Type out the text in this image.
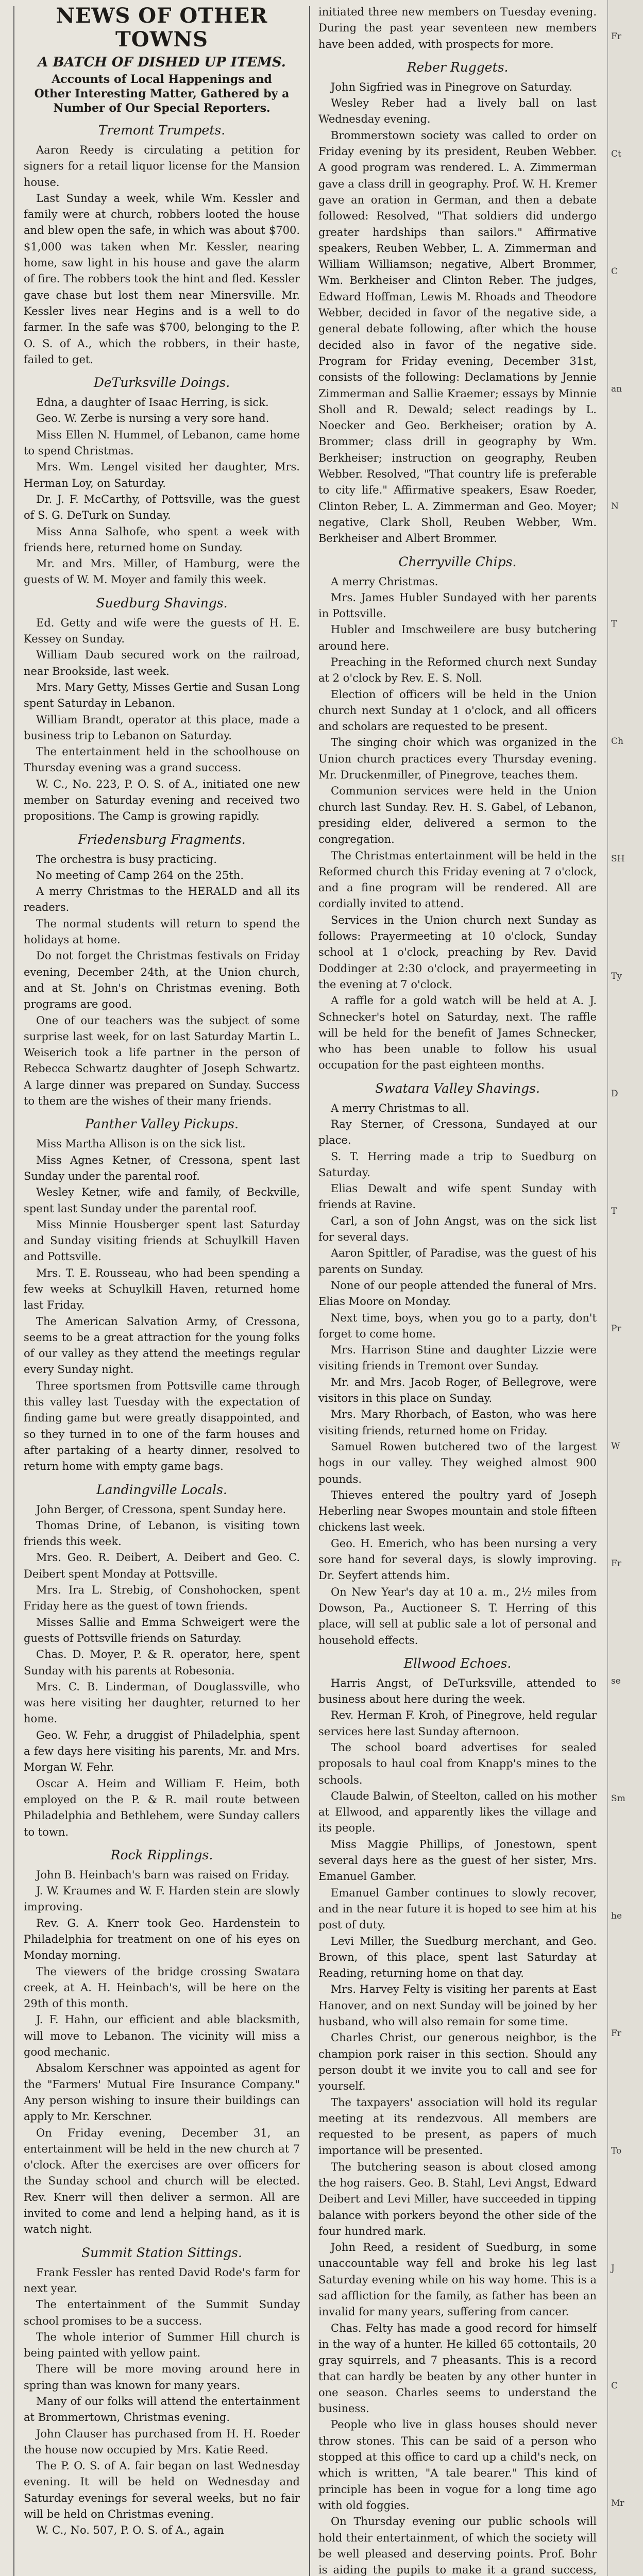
NEWS OF OTHER TOWNS
A BATCH OF DISHED UP ITEMS.
Accounts of Local Happenings and Other Interesting Matter, Gathered by a Number of Our Special Reporters.
Tremont Trumpets.

Aaron Reedy is circulating a petition for signers for a retail liquor license for the Mansion house.

Last Sunday a week, while Wm. Kessler and family were at church, robbers looted the house and blew open the safe, in which was about $700. $1,000 was taken when Mr. Kessler, nearing home, saw light in his house and gave the alarm of fire. The robbers took the hint and fled. Kessler gave chase but lost them near Minersville. Mr. Kessler lives near Hegins and is a well to do farmer. In the safe was $700, belonging to the P. O. S. of A., which the robbers, in their haste, failed to get.

DeTurksville Doings.

Edna, a daughter of Isaac Herring, is sick.

Geo. W. Zerbe is nursing a very sore hand.

Miss Ellen N. Hummel, of Lebanon, came home to spend Christmas.

Mrs. Wm. Lengel visited her daughter, Mrs. Herman Loy, on Saturday.

Dr. J. F. McCarthy, of Pottsville, was the guest of S. G. DeTurk on Sunday.

Miss Anna Salhofe, who spent a week with friends here, returned home on Sunday.

Mr. and Mrs. Miller, of Hamburg, were the guests of W. M. Moyer and family this week.

Suedburg Shavings.

Ed. Getty and wife were the guests of H. E. Kessey on Sunday.

William Daub secured work on the railroad, near Brookside, last week.

Mrs. Mary Getty, Misses Gertie and Susan Long spent Saturday in Lebanon.

William Brandt, operator at this place, made a business trip to Lebanon on Saturday.

The entertainment held in the schoolhouse on Thursday evening was a grand success.

W. C., No. 223, P. O. S. of A., initiated one new member on Saturday evening and received two propositions. The Camp is growing rapidly.

Friedensburg Fragments.

The orchestra is busy practicing.

No meeting of Camp 264 on the 25th.

A merry Christmas to the HERALD and all its readers.

The normal students will return to spend the holidays at home.

Do not forget the Christmas festivals on Friday evening, December 24th, at the Union church, and at St. John's on Christmas evening. Both programs are good.

One of our teachers was the subject of some surprise last week, for on last Saturday Martin L. Weiserich took a life partner in the person of Rebecca Schwartz daughter of Joseph Schwartz. A large dinner was prepared on Sunday. Success to them are the wishes of their many friends.

Panther Valley Pickups.

Miss Martha Allison is on the sick list.

Miss Agnes Ketner, of Cressona, spent last Sunday under the parental roof.

Wesley Ketner, wife and family, of Beckville, spent last Sunday under the parental roof.

Miss Minnie Housberger spent last Saturday and Sunday visiting friends at Schuylkill Haven and Pottsville.

Mrs. T. E. Rousseau, who had been spending a few weeks at Schuylkill Haven, returned home last Friday.

The American Salvation Army, of Cressona, seems to be a great attraction for the young folks of our valley as they attend the meetings regular every Sunday night.

Three sportsmen from Pottsville came through this valley last Tuesday with the expectation of finding game but were greatly disappointed, and so they turned in to one of the farm houses and after partaking of a hearty dinner, resolved to return home with empty game bags.

Landingville Locals.

John Berger, of Cressona, spent Sunday here.

Thomas Drine, of Lebanon, is visiting town friends this week.

Mrs. Geo. R. Deibert, A. Deibert and Geo. C. Deibert spent Monday at Pottsville.

Mrs. Ira L. Strebig, of Conshohocken, spent Friday here as the guest of town friends.

Misses Sallie and Emma Schweigert were the guests of Pottsville friends on Saturday.

Chas. D. Moyer, P. & R. operator, here, spent Sunday with his parents at Robesonia.

Mrs. C. B. Linderman, of Douglassville, who was here visiting her daughter, returned to her home.

Geo. W. Fehr, a druggist of Philadelphia, spent a few days here visiting his parents, Mr. and Mrs. Morgan W. Fehr.

Oscar A. Heim and William F. Heim, both employed on the P. & R. mail route between Philadelphia and Bethlehem, were Sunday callers to town.

Rock Ripplings.

John B. Heinbach's barn was raised on Friday.

J. W. Kraumes and W. F. Harden stein are slowly improving.

Rev. G. A. Knerr took Geo. Hardenstein to Philadelphia for treatment on one of his eyes on Monday morning.

The viewers of the bridge crossing Swatara creek, at A. H. Heinbach's, will be here on the 29th of this month.

J. F. Hahn, our efficient and able blacksmith, will move to Lebanon. The vicinity will miss a good mechanic.

Absalom Kerschner was appointed as agent for the "Farmers' Mutual Fire Insurance Company." Any person wishing to insure their buildings can apply to Mr. Kerschner.

On Friday evening, December 31, an entertainment will be held in the new church at 7 o'clock. After the exercises are over officers for the Sunday school and church will be elected. Rev. Knerr will then deliver a sermon. All are invited to come and lend a helping hand, as it is watch night.

Summit Station Sittings.

Frank Fessler has rented David Rode's farm for next year.

The entertainment of the Summit Sunday school promises to be a success.

The whole interior of Summer Hill church is being painted with yellow paint.

There will be more moving around here in spring than was known for many years.

Many of our folks will attend the entertainment at Brommertown, Christmas evening.

John Clauser has purchased from H. H. Roeder the house now occupied by Mrs. Katie Reed.

The P. O. S. of A. fair began on last Wednesday evening. It will be held on Wednesday and Saturday evenings for several weeks, but no fair will be held on Christmas evening.

W. C., No. 507, P. O. S. of A., again

initiated three new members on Tuesday evening. During the past year seventeen new members have been added, with prospects for more.

Reber Ruggets.

John Sigfried was in Pinegrove on Saturday.

Wesley Reber had a lively ball on last Wednesday evening.

Brommerstown society was called to order on Friday evening by its president, Reuben Webber. A good program was rendered. L. A. Zimmerman gave a class drill in geography. Prof. W. H. Kremer gave an oration in German, and then a debate followed: Resolved, "That soldiers did undergo greater hardships than sailors." Affirmative speakers, Reuben Webber, L. A. Zimmerman and William Williamson; negative, Albert Brommer, Wm. Berkheiser and Clinton Reber. The judges, Edward Hoffman, Lewis M. Rhoads and Theodore Webber, decided in favor of the negative side, a general debate following, after which the house decided also in favor of the negative side. Program for Friday evening, December 31st, consists of the following: Declamations by Jennie Zimmerman and Sallie Kraemer; essays by Minnie Sholl and R. Dewald; select readings by L. Noecker and Geo. Berkheiser; oration by A. Brommer; class drill in geography by Wm. Berkheiser; instruction on geography, Reuben Webber. Resolved, "That country life is preferable to city life." Affirmative speakers, Esaw Roeder, Clinton Reber, L. A. Zimmerman and Geo. Moyer; negative, Clark Sholl, Reuben Webber, Wm. Berkheiser and Albert Brommer.

Cherryville Chips.

A merry Christmas.

Mrs. James Hubler Sundayed with her parents in Pottsville.

Hubler and Imschweilere are busy butchering around here.

Preaching in the Reformed church next Sunday at 2 o'clock by Rev. E. S. Noll.

Election of officers will be held in the Union church next Sunday at 1 o'clock, and all officers and scholars are requested to be present.

The singing choir which was organized in the Union church practices every Thursday evening. Mr. Druckenmiller, of Pinegrove, teaches them.

Communion services were held in the Union church last Sunday. Rev. H. S. Gabel, of Lebanon, presiding elder, delivered a sermon to the congregation.

The Christmas entertainment will be held in the Reformed church this Friday evening at 7 o'clock, and a fine program will be rendered. All are cordially invited to attend.

Services in the Union church next Sunday as follows: Prayermeeting at 10 o'clock, Sunday school at 1 o'clock, preaching by Rev. David Doddinger at 2:30 o'clock, and prayermeeting in the evening at 7 o'clock.

A raffle for a gold watch will be held at A. J. Schnecker's hotel on Saturday, next. The raffle will be held for the benefit of James Schnecker, who has been unable to follow his usual occupation for the past eighteen months.

Swatara Valley Shavings.

A merry Christmas to all.

Ray Sterner, of Cressona, Sundayed at our place.

S. T. Herring made a trip to Suedburg on Saturday.

Elias Dewalt and wife spent Sunday with friends at Ravine.

Carl, a son of John Angst, was on the sick list for several days.

Aaron Spittler, of Paradise, was the guest of his parents on Sunday.

None of our people attended the funeral of Mrs. Elias Moore on Monday.

Next time, boys, when you go to a party, don't forget to come home.

Mrs. Harrison Stine and daughter Lizzie were visiting friends in Tremont over Sunday.

Mr. and Mrs. Jacob Roger, of Bellegrove, were visitors in this place on Sunday.

Mrs. Mary Rhorbach, of Easton, who was here visiting friends, returned home on Friday.

Samuel Rowen butchered two of the largest hogs in our valley. They weighed almost 900 pounds.

Thieves entered the poultry yard of Joseph Heberling near Swopes mountain and stole fifteen chickens last week.

Geo. H. Emerich, who has been nursing a very sore hand for several days, is slowly improving. Dr. Seyfert attends him.

On New Year's day at 10 a. m., 2½ miles from Dowson, Pa., Auctioneer S. T. Herring of this place, will sell at public sale a lot of personal and household effects.

Ellwood Echoes.

Harris Angst, of DeTurksville, attended to business about here during the week.

Rev. Herman F. Kroh, of Pinegrove, held regular services here last Sunday afternoon.

The school board advertises for sealed proposals to haul coal from Knapp's mines to the schools.

Claude Balwin, of Steelton, called on his mother at Ellwood, and apparently likes the village and its people.

Miss Maggie Phillips, of Jonestown, spent several days here as the guest of her sister, Mrs. Emanuel Gamber.

Emanuel Gamber continues to slowly recover, and in the near future it is hoped to see him at his post of duty.

Levi Miller, the Suedburg merchant, and Geo. Brown, of this place, spent last Saturday at Reading, returning home on that day.

Mrs. Harvey Felty is visiting her parents at East Hanover, and on next Sunday will be joined by her husband, who will also remain for some time.

Charles Christ, our generous neighbor, is the champion pork raiser in this section. Should any person doubt it we invite you to call and see for yourself.

The taxpayers' association will hold its regular meeting at its rendezvous. All members are requested to be present, as papers of much importance will be presented.

The butchering season is about closed among the hog raisers. Geo. B. Stahl, Levi Angst, Edward Deibert and Levi Miller, have succeeded in tipping balance with porkers beyond the other side of the four hundred mark.

John Reed, a resident of Suedburg, in some unaccountable way fell and broke his leg last Saturday evening while on his way home. This is a sad affliction for the family, as father has been an invalid for many years, suffering from cancer.

Chas. Felty has made a good record for himself in the way of a hunter. He killed 65 cottontails, 20 gray squirrels, and 7 pheasants. This is a record that can hardly be beaten by any other hunter in one season. Charles seems to understand the business.

People who live in glass houses should never throw stones. This can be said of a person who stopped at this office to card up a child's neck, on which is written, "A tale bearer." This kind of principle has been in vogue for a long time ago with old foggies.

On Thursday evening our public schools will hold their entertainment, of which the society will be well pleased and deserving points. Prof. Bohr is aiding the pupils to make it a grand success,

Fr
Ct
C
an
N
T
Ch
SH
Ty
D
T
Pr
W
Fr
se
Sm
he
Fr
To
J
C
Mr
